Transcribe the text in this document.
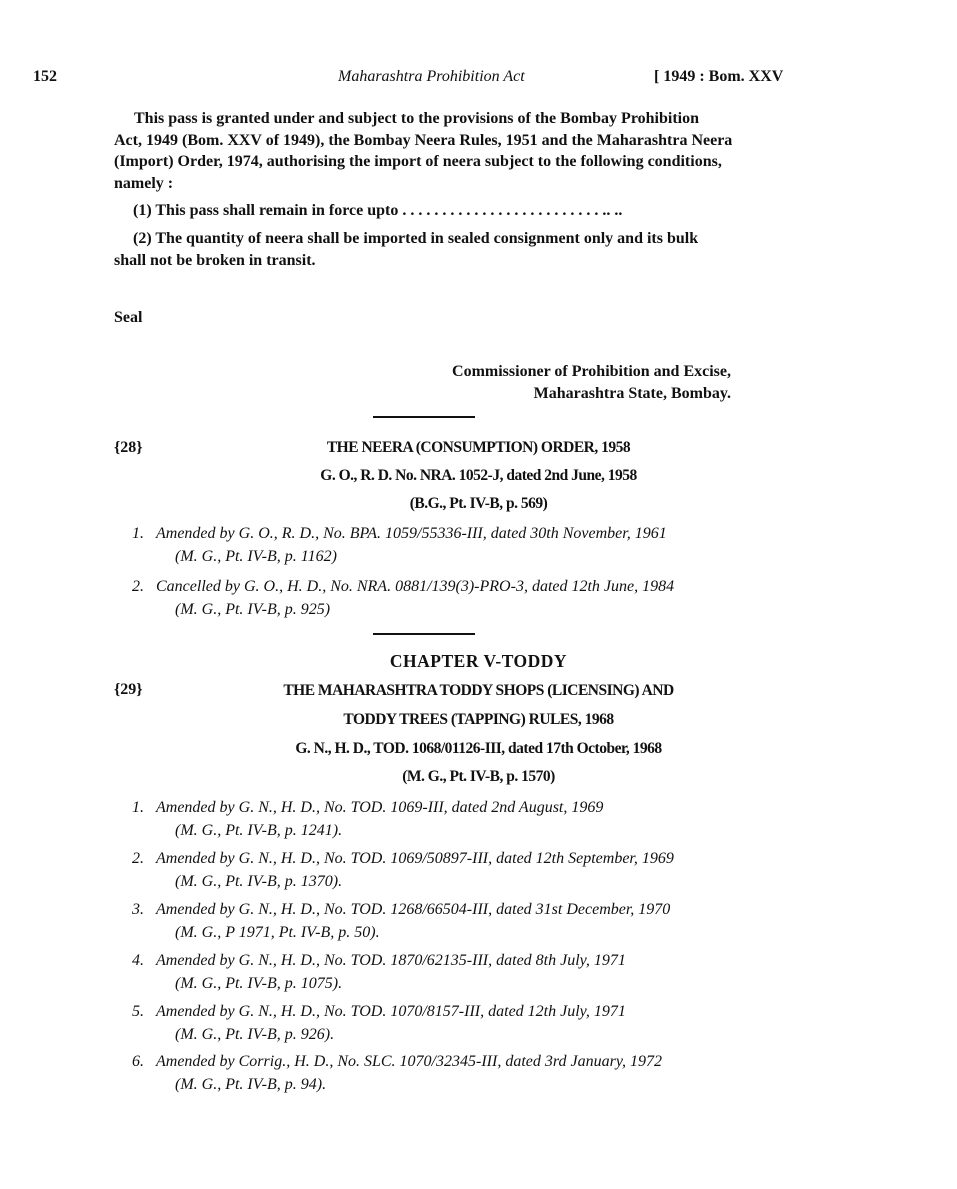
152	Maharashtra Prohibition Act	[ 1949 : Bom. XXV
This pass is granted under and subject to the provisions of the Bombay Prohibition
Act, 1949 (Bom. XXV of 1949), the Bombay Neera Rules, 1951 and the Maharashtra Neera
(Import) Order, 1974, authorising the import of neera subject to the following conditions,
namely :
(1) This pass shall remain in force upto . . . . . . . . . . . . . . . . . . . . . . . . . .. ..
(2) The quantity of neera shall be imported in sealed consignment only and its bulk
shall not be broken in transit.
Seal
Commissioner of Prohibition and Excise,
Maharashtra State, Bombay.
{28}	THE NEERA (CONSUMPTION) ORDER, 1958
G. O., R. D. No. NRA. 1052-J, dated 2nd June, 1958
(B.G., Pt. IV-B, p. 569)
1. Amended by G. O., R. D., No. BPA. 1059/55336-III, dated 30th November, 1961
(M. G., Pt. IV-B, p. 1162)
2. Cancelled by G. O., H. D., No. NRA. 0881/139(3)-PRO-3, dated 12th June, 1984
(M. G., Pt. IV-B, p. 925)
CHAPTER V-TODDY
{29}	THE MAHARASHTRA TODDY SHOPS (LICENSING) AND
TODDY TREES (TAPPING) RULES, 1968
G. N., H. D., TOD. 1068/01126-III, dated 17th October, 1968
(M. G., Pt. IV-B, p. 1570)
1. Amended by G. N., H. D., No. TOD. 1069-III, dated 2nd August, 1969
(M. G., Pt. IV-B, p. 1241).
2. Amended by G. N., H. D., No. TOD. 1069/50897-III, dated 12th September, 1969
(M. G., Pt. IV-B, p. 1370).
3. Amended by G. N., H. D., No. TOD. 1268/66504-III, dated 31st December, 1970
(M. G., P 1971, Pt. IV-B, p. 50).
4. Amended by G. N., H. D., No. TOD. 1870/62135-III, dated 8th July, 1971
(M. G., Pt. IV-B, p. 1075).
5. Amended by G. N., H. D., No. TOD. 1070/8157-III, dated 12th July, 1971
(M. G., Pt. IV-B, p. 926).
6. Amended by Corrig., H. D., No. SLC. 1070/32345-III, dated 3rd January, 1972
(M. G., Pt. IV-B, p. 94).
